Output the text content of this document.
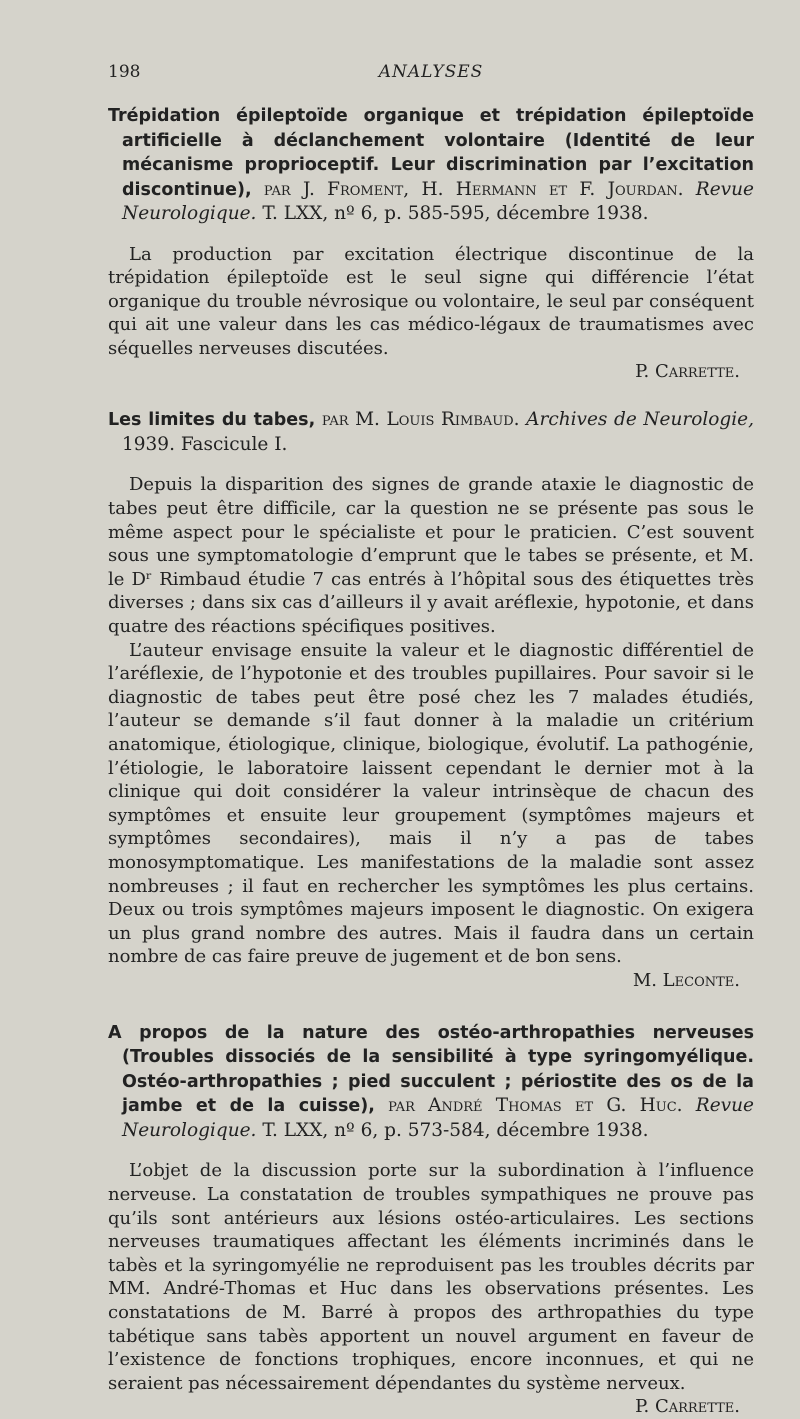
198	ANALYSES

Trépidation épileptoïde organique et trépidation épileptoïde artificielle à déclanchement volontaire (Identité de leur mécanisme proprioceptif. Leur discrimination par l’excitation discontinue), par J. Froment, H. Hermann et F. Jourdan. Revue Neurologique. T. LXX, nº 6, p. 585-595, décembre 1938.

La production par excitation électrique discontinue de la trépidation épileptoïde est le seul signe qui différencie l’état organique du trouble névrosique ou volontaire, le seul par conséquent qui ait une valeur dans les cas médico-légaux de traumatismes avec séquelles nerveuses discutées.

P. Carrette.

Les limites du tabes, par M. Louis Rimbaud. Archives de Neurologie, 1939. Fascicule I.

Depuis la disparition des signes de grande ataxie le diagnostic de tabes peut être difficile, car la question ne se présente pas sous le même aspect pour le spécialiste et pour le praticien. C’est souvent sous une symptomatologie d’emprunt que le tabes se présente, et M. le Dʳ Rimbaud étudie 7 cas entrés à l’hôpital sous des étiquettes très diverses ; dans six cas d’ailleurs il y avait aréflexie, hypotonie, et dans quatre des réactions spécifiques positives.

L’auteur envisage ensuite la valeur et le diagnostic différentiel de l’aréflexie, de l’hypotonie et des troubles pupillaires. Pour savoir si le diagnostic de tabes peut être posé chez les 7 malades étudiés, l’auteur se demande s’il faut donner à la maladie un critérium anatomique, étiologique, clinique, biologique, évolutif. La pathogénie, l’étiologie, le laboratoire laissent cependant le dernier mot à la clinique qui doit considérer la valeur intrinsèque de chacun des symptômes et ensuite leur groupement (symptômes majeurs et symptômes secondaires), mais il n’y a pas de tabes monosymptomatique. Les manifestations de la maladie sont assez nombreuses ; il faut en rechercher les symptômes les plus certains. Deux ou trois symptômes majeurs imposent le diagnostic. On exigera un plus grand nombre des autres. Mais il faudra dans un certain nombre de cas faire preuve de jugement et de bon sens.

M. Leconte.

A propos de la nature des ostéo-arthropathies nerveuses (Troubles dissociés de la sensibilité à type syringomyélique. Ostéo-arthropathies ; pied succulent ; périostite des os de la jambe et de la cuisse), par André Thomas et G. Huc. Revue Neurologique. T. LXX, nº 6, p. 573-584, décembre 1938.

L’objet de la discussion porte sur la subordination à l’influence nerveuse. La constatation de troubles sympathiques ne prouve pas qu’ils sont antérieurs aux lésions ostéo-articulaires. Les sections nerveuses traumatiques affectant les éléments incriminés dans le tabès et la syringomyélie ne reproduisent pas les troubles décrits par MM. André-Thomas et Huc dans les observations présentes. Les constatations de M. Barré à propos des arthropathies du type tabétique sans tabès apportent un nouvel argument en faveur de l’existence de fonctions trophiques, encore inconnues, et qui ne seraient pas nécessairement dépendantes du système nerveux.

P. Carrette.
